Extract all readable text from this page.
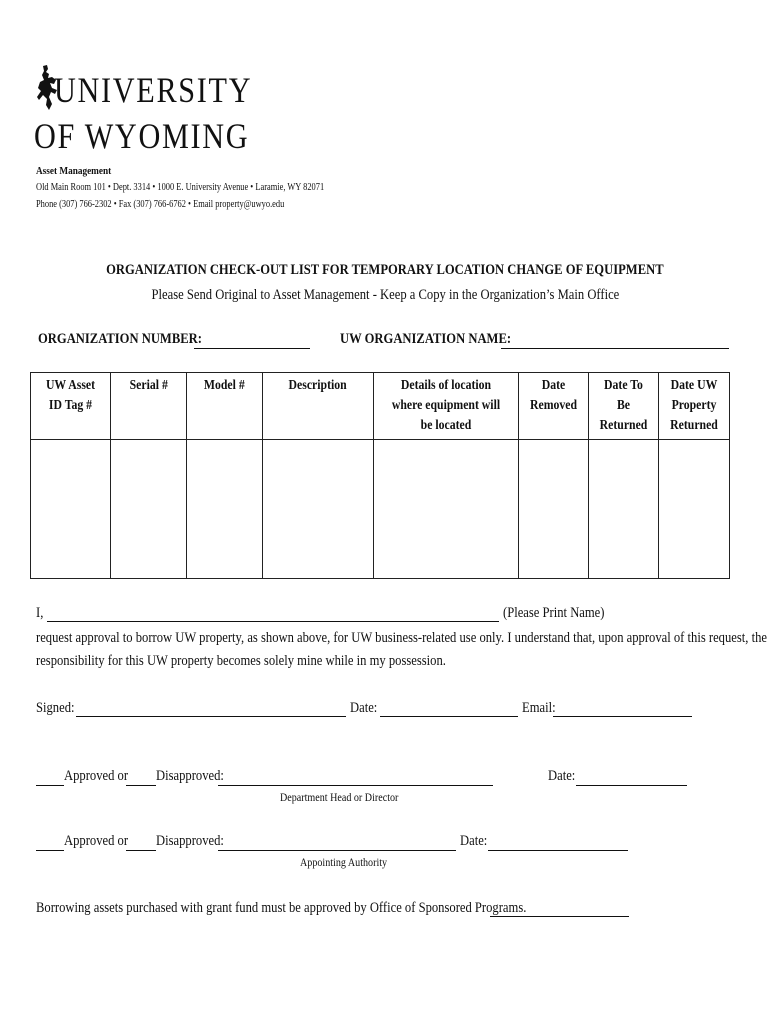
UNIVERSITY
OF WYOMING
Asset Management
Old Main Room 101 • Dept. 3314 • 1000 E. University Avenue • Laramie, WY 82071
Phone (307) 766-2302 • Fax (307) 766-6762 • Email property@uwyo.edu
ORGANIZATION CHECK-OUT LIST FOR TEMPORARY LOCATION CHANGE OF EQUIPMENT
Please Send Original to Asset Management - Keep a Copy in the Organization’s Main Office
ORGANIZATION NUMBER:	UW ORGANIZATION NAME:
UW Asset ID Tag #	Serial #	Model #	Description	Details of location where equipment will be located	Date Removed	Date To Be Returned	Date UW Property Returned

I,	(Please Print Name)
request approval to borrow UW property, as shown above, for UW business-related use only. I understand that, upon approval of this request, the
responsibility for this UW property becomes solely mine while in my possession.
Signed:	Date:	Email:
Approved or	Disapproved:	Date:
Department Head or Director
Approved or	Disapproved:	Date:
Appointing Authority
Borrowing assets purchased with grant fund must be approved by Office of Sponsored Programs.
